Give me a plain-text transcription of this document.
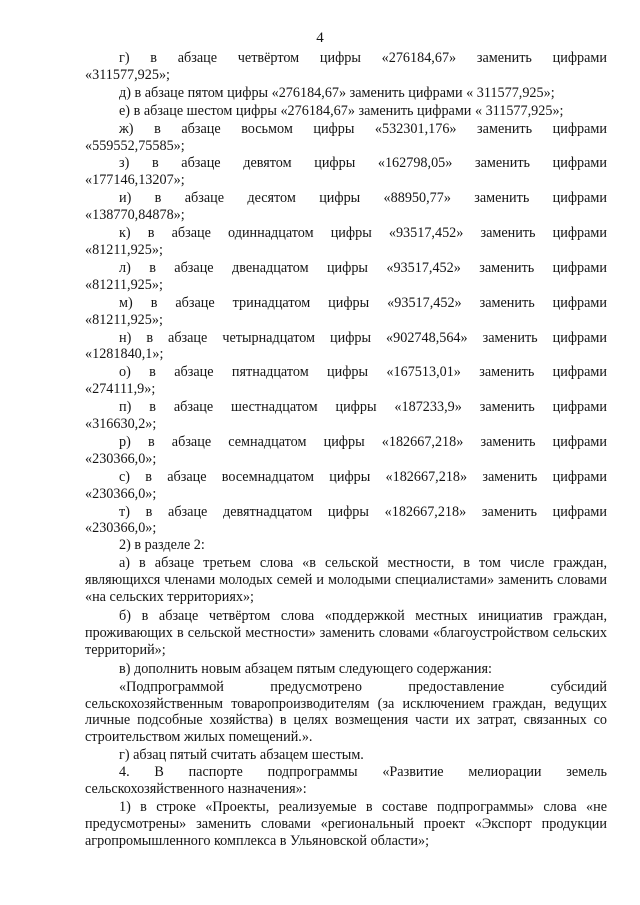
4
г) в абзаце четвёртом цифры «276184,67» заменить цифрами
«311577,925»;
д) в абзаце пятом цифры «276184,67» заменить цифрами « 311577,925»;
е) в абзаце шестом цифры «276184,67» заменить цифрами « 311577,925»;
ж) в абзаце восьмом цифры «532301,176» заменить цифрами
«559552,75585»;
з) в абзаце девятом цифры «162798,05» заменить цифрами
«177146,13207»;
и) в абзаце десятом цифры «88950,77» заменить цифрами
«138770,84878»;
к) в абзаце одиннадцатом цифры «93517,452» заменить цифрами
«81211,925»;
л) в абзаце двенадцатом цифры «93517,452» заменить цифрами
«81211,925»;
м) в абзаце тринадцатом цифры «93517,452» заменить цифрами
«81211,925»;
н) в абзаце четырнадцатом цифры «902748,564» заменить цифрами
«1281840,1»;
о) в абзаце пятнадцатом цифры «167513,01» заменить цифрами
«274111,9»;
п) в абзаце шестнадцатом цифры «187233,9» заменить цифрами
«316630,2»;
р) в абзаце семнадцатом цифры «182667,218» заменить цифрами
«230366,0»;
с) в абзаце восемнадцатом цифры «182667,218» заменить цифрами
«230366,0»;
т) в абзаце девятнадцатом цифры «182667,218» заменить цифрами
«230366,0»;

2) в разделе 2:

а) в абзаце третьем слова «в сельской местности, в том числе граждан, являющихся членами молодых семей и молодыми специалистами» заменить словами «на сельских территориях»;

б) в абзаце четвёртом слова «поддержкой местных инициатив граждан, проживающих в сельской местности» заменить словами «благоустройством сельских территорий»;

в) дополнить новым абзацем пятым следующего содержания:

«Подпрограммой предусмотрено предоставление субсидий сельскохозяйственным товаропроизводителям (за исключением граждан, ведущих личные подсобные хозяйства) в целях возмещения части их затрат, связанных со строительством жилых помещений.».

г) абзац пятый считать абзацем шестым.

4. В паспорте подпрограммы «Развитие мелиорации земель сельскохозяйственного назначения»:

1) в строке «Проекты, реализуемые в составе подпрограммы» слова «не предусмотрены» заменить словами «региональный проект «Экспорт продукции агропромышленного комплекса в Ульяновской области»;
